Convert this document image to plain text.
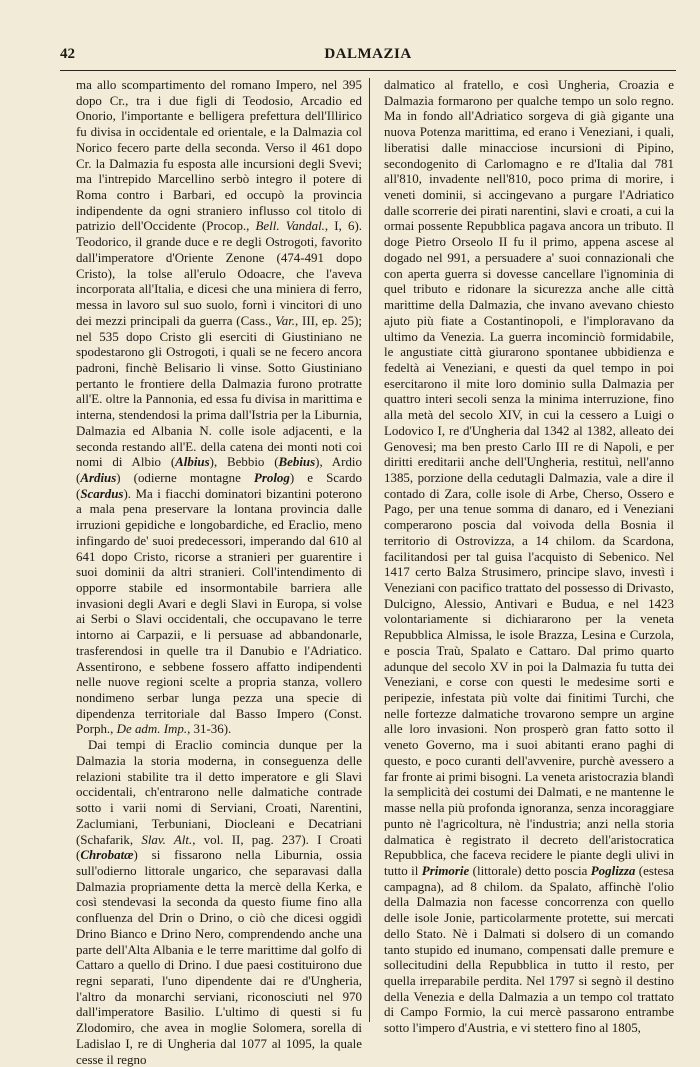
42	DALMAZIA

ma allo scompartimento del romano Impero, nel 395 dopo Cr., tra i due figli di Teodosio, Arcadio ed Onorio, l'importante e belligera prefettura dell'Illirico fu divisa in occidentale ed orientale, e la Dalmazia col Norico fecero parte della seconda. Verso il 461 dopo Cr. la Dalmazia fu esposta alle incursioni degli Svevi; ma l'intrepido Marcellino serbò integro il potere di Roma contro i Barbari, ed occupò la provincia indipendente da ogni straniero influsso col titolo di patrizio dell'Occidente (Procop., Bell. Vandal., I, 6). Teodorico, il grande duce e re degli Ostrogoti, favorito dall'imperatore d'Oriente Zenone (474-491 dopo Cristo), la tolse all'erulo Odoacre, che l'aveva incorporata all'Italia, e dicesi che una miniera di ferro, messa in lavoro sul suo suolo, fornì i vincitori di uno dei mezzi principali da guerra (Cass., Var., III, ep. 25); nel 535 dopo Cristo gli eserciti di Giustiniano ne spodestarono gli Ostrogoti, i quali se ne fecero ancora padroni, finchè Belisario li vinse. Sotto Giustiniano pertanto le frontiere della Dalmazia furono protratte all'E. oltre la Pannonia, ed essa fu divisa in marittima e interna, stendendosi la prima dall'Istria per la Liburnia, Dalmazia ed Albania N. colle isole adjacenti, e la seconda restando all'E. della catena dei monti noti coi nomi di Albio (Albius), Bebbio (Bebius), Ardio (Ardius) (odierne montagne Prolog) e Scardo (Scardus). Ma i fiacchi dominatori bizantini poterono a mala pena preservare la lontana provincia dalle irruzioni gepidiche e longobardiche, ed Eraclio, meno infingardo de' suoi predecessori, imperando dal 610 al 641 dopo Cristo, ricorse a stranieri per guarentire i suoi dominii da altri stranieri. Coll'intendimento di opporre stabile ed insormontabile barriera alle invasioni degli Avari e degli Slavi in Europa, si volse ai Serbi o Slavi occidentali, che occupavano le terre intorno ai Carpazii, e li persuase ad abbandonarle, trasferendosi in quelle tra il Danubio e l'Adriatico. Assentirono, e sebbene fossero affatto indipendenti nelle nuove regioni scelte a propria stanza, vollero nondimeno serbar lunga pezza una specie di dipendenza territoriale dal Basso Impero (Const. Porph., De adm. Imp., 31-36).

Dai tempi di Eraclio comincia dunque per la Dalmazia la storia moderna, in conseguenza delle relazioni stabilite tra il detto imperatore e gli Slavi occidentali, ch'entrarono nelle dalmatiche contrade sotto i varii nomi di Serviani, Croati, Narentini, Zaclumiani, Terbuniani, Diocleani e Decatriani (Schafarik, Slav. Alt., vol. II, pag. 237). I Croati (Chrobatæ) si fissarono nella Liburnia, ossia sull'odierno littorale ungarico, che separavasi dalla Dalmazia propriamente detta la mercè della Kerka, e così stendevasi la seconda da questo fiume fino alla confluenza del Drin o Drino, o ciò che dicesi oggidì Drino Bianco e Drino Nero, comprendendo anche una parte dell'Alta Albania e le terre marittime dal golfo di Cattaro a quello di Drino. I due paesi costituirono due regni separati, l'uno dipendente dai re d'Ungheria, l'altro da monarchi serviani, riconosciuti nel 970 dall'imperatore Basilio. L'ultimo di questi si fu Zlodomiro, che avea in moglie Solomera, sorella di Ladislao I, re di Ungheria dal 1077 al 1095, la quale cesse il regno

dalmatico al fratello, e così Ungheria, Croazia e Dalmazia formarono per qualche tempo un solo regno. Ma in fondo all'Adriatico sorgeva di già gigante una nuova Potenza marittima, ed erano i Veneziani, i quali, liberatisi dalle minacciose incursioni di Pipino, secondogenito di Carlomagno e re d'Italia dal 781 all'810, invadente nell'810, poco prima di morire, i veneti dominii, si accingevano a purgare l'Adriatico dalle scorrerie dei pirati narentini, slavi e croati, a cui la ormai possente Repubblica pagava ancora un tributo. Il doge Pietro Orseolo II fu il primo, appena ascese al dogado nel 991, a persuadere a' suoi connazionali che con aperta guerra si dovesse cancellare l'ignominia di quel tributo e ridonare la sicurezza anche alle città marittime della Dalmazia, che invano avevano chiesto ajuto più fiate a Costantinopoli, e l'imploravano da ultimo da Venezia. La guerra incominciò formidabile, le angustiate città giurarono spontanee ubbidienza e fedeltà ai Veneziani, e questi da quel tempo in poi esercitarono il mite loro dominio sulla Dalmazia per quattro interi secoli senza la minima interruzione, fino alla metà del secolo XIV, in cui la cessero a Luigi o Lodovico I, re d'Ungheria dal 1342 al 1382, alleato dei Genovesi; ma ben presto Carlo III re di Napoli, e per diritti ereditarii anche dell'Ungheria, restituì, nell'anno 1385, porzione della cedutagli Dalmazia, vale a dire il contado di Zara, colle isole di Arbe, Cherso, Ossero e Pago, per una tenue somma di danaro, ed i Veneziani comperarono poscia dal voivoda della Bosnia il territorio di Ostrovizza, a 14 chilom. da Scardona, facilitandosi per tal guisa l'acquisto di Sebenico. Nel 1417 certo Balza Strusimero, principe slavo, investì i Veneziani con pacifico trattato del possesso di Drivasto, Dulcigno, Alessio, Antivari e Budua, e nel 1423 volontariamente si dichiararono per la veneta Repubblica Almissa, le isole Brazza, Lesina e Curzola, e poscia Traù, Spalato e Cattaro. Dal primo quarto adunque del secolo XV in poi la Dalmazia fu tutta dei Veneziani, e corse con questi le medesime sorti e peripezie, infestata più volte dai finitimi Turchi, che nelle fortezze dalmatiche trovarono sempre un argine alle loro invasioni. Non prosperò gran fatto sotto il veneto Governo, ma i suoi abitanti erano paghi di questo, e poco curanti dell'avvenire, purchè avessero a far fronte ai primi bisogni. La veneta aristocrazia blandì la semplicità dei costumi dei Dalmati, e ne mantenne le masse nella più profonda ignoranza, senza incoraggiare punto nè l'agricoltura, nè l'industria; anzi nella storia dalmatica è registrato il decreto dell'aristocratica Repubblica, che faceva recidere le piante degli ulivi in tutto il Primorie (littorale) detto poscia Poglizza (estesa campagna), ad 8 chilom. da Spalato, affinchè l'olio della Dalmazia non facesse concorrenza con quello delle isole Jonie, particolarmente protette, sui mercati dello Stato. Nè i Dalmati si dolsero di un comando tanto stupido ed inumano, compensati dalle premure e sollecitudini della Repubblica in tutto il resto, per quella irreparabile perdita. Nel 1797 si segnò il destino della Venezia e della Dalmazia a un tempo col trattato di Campo Formio, la cui mercè passarono entrambe sotto l'impero d'Austria, e vi stettero fino al 1805,
